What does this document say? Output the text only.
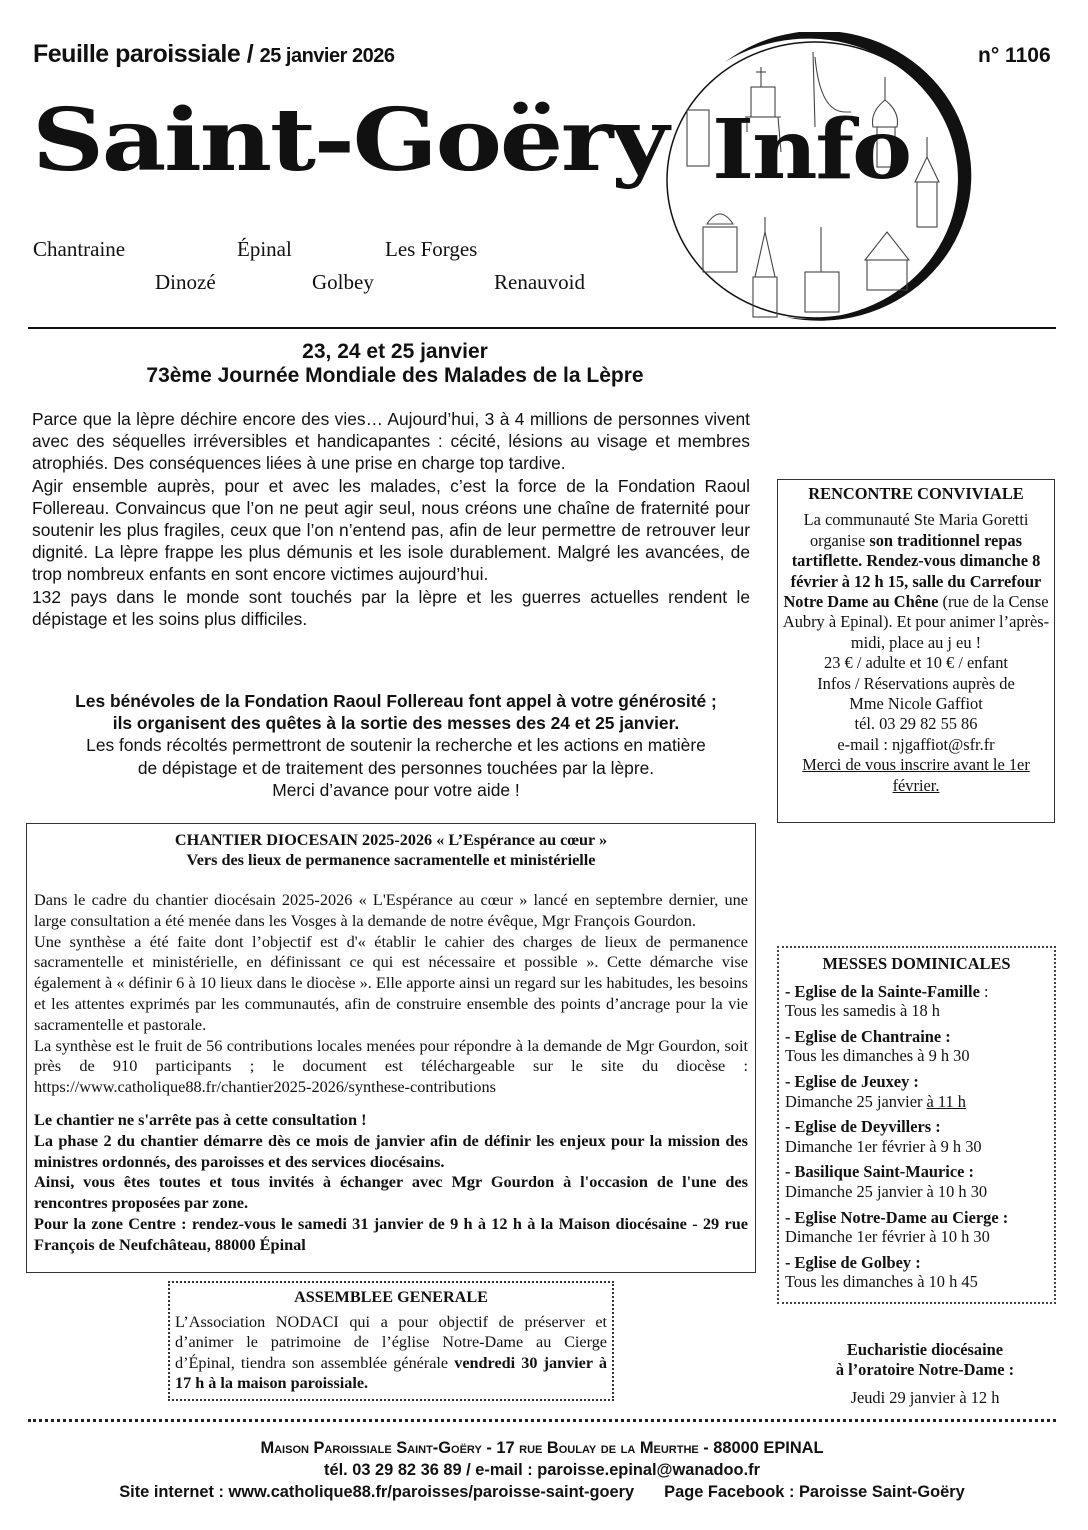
Feuille paroissiale / 25 janvier 2026	n° 1106
Saint-Goëry
Chantraine	Épinal	Les Forges
Dinozé	Golbey	Renauvoid
Info
23, 24 et 25 janvier
73ème Journée Mondiale des Malades de la Lèpre

Parce que la lèpre déchire encore des vies… Aujourd’hui, 3 à 4 millions de personnes vivent avec des séquelles irréversibles et handicapantes : cécité, lésions au visage et membres atrophiés. Des conséquences liées à une prise en charge top tardive.

Agir ensemble auprès, pour et avec les malades, c’est la force de la Fondation Raoul Follereau. Convaincus que l’on ne peut agir seul, nous créons une chaîne de fraternité pour soutenir les plus fragiles, ceux que l’on n’entend pas, afin de leur permettre de retrouver leur dignité. La lèpre frappe les plus démunis et les isole durablement. Malgré les avancées, de trop nombreux enfants en sont encore victimes aujourd’hui.

132 pays dans le monde sont touchés par la lèpre et les guerres actuelles rendent le dépistage et les soins plus difficiles.

Les bénévoles de la Fondation Raoul Follereau font appel à votre générosité ;

ils organisent des quêtes à la sortie des messes des 24 et 25 janvier.

Les fonds récoltés permettront de soutenir la recherche et les actions en matière

de dépistage et de traitement des personnes touchées par la lèpre.

Merci d’avance pour votre aide !

RENCONTRE CONVIVIALE

La communauté Ste Maria Goretti organise son traditionnel repas tartiflette. Rendez-vous dimanche 8 février à 12 h 15, salle du Carrefour Notre Dame au Chêne (rue de la Cense Aubry à Epinal). Et pour animer l’après-midi, place au j eu !

23 € / adulte et 10 € / enfant

Infos / Réservations auprès de

Mme Nicole Gaffiot

tél. 03 29 82 55 86

e-mail : njgaffiot@sfr.fr

Merci de vous inscrire avant le 1er février.

CHANTIER DIOCESAIN 2025-2026 « L’Espérance au cœur »
Vers des lieux de permanence sacramentelle et ministérielle

Dans le cadre du chantier diocésain 2025-2026 « L'Espérance au cœur » lancé en septembre dernier, une large consultation a été menée dans les Vosges à la demande de notre évêque, Mgr François Gourdon.

Une synthèse a été faite dont l’objectif est d'« établir le cahier des charges de lieux de permanence sacramentelle et ministérielle, en définissant ce qui est nécessaire et possible ». Cette démarche vise également à « définir 6 à 10 lieux dans le diocèse ». Elle apporte ainsi un regard sur les habitudes, les besoins et les attentes exprimés par les communautés, afin de construire ensemble des points d’ancrage pour la vie sacramentelle et pastorale.

La synthèse est le fruit de 56 contributions locales menées pour répondre à la demande de Mgr Gourdon, soit près de 910 participants ; le document est téléchargeable sur le site du diocèse : https://www.catholique88.fr/chantier2025-2026/synthese-contributions

Le chantier ne s'arrête pas à cette consultation !

La phase 2 du chantier démarre dès ce mois de janvier afin de définir les enjeux pour la mission des ministres ordonnés, des paroisses et des services diocésains.

Ainsi, vous êtes toutes et tous invités à échanger avec Mgr Gourdon à l'occasion de l'une des rencontres proposées par zone.

Pour la zone Centre : rendez-vous le samedi 31 janvier de 9 h à 12 h à la Maison diocésaine - 29 rue François de Neufchâteau, 88000 Épinal

ASSEMBLEE GENERALE

L’Association NODACI qui a pour objectif de préserver et d’animer le patrimoine de l’église Notre-Dame au Cierge d’Épinal, tiendra son assemblée générale vendredi 30 janvier à 17 h à la maison paroissiale.

MESSES DOMINICALES
- Eglise de la Sainte-Famille :
Tous les samedis à 18 h
- Eglise de Chantraine :
Tous les dimanches à 9 h 30
- Eglise de Jeuxey :
Dimanche 25 janvier à 11 h
- Eglise de Deyvillers :
Dimanche 1er février à 9 h 30
- Basilique Saint-Maurice :
Dimanche 25 janvier à 10 h 30
- Eglise Notre-Dame au Cierge :
Dimanche 1er février à 10 h 30
- Eglise de Golbey :
Tous les dimanches à 10 h 45
Eucharistie diocésaine
à l’oratoire Notre-Dame :
Jeudi 29 janvier à 12 h
Maison Paroissiale Saint-Goëry - 17 rue Boulay de la Meurthe - 88000 EPINAL
tél. 03 29 82 36 89 / e-mail : paroisse.epinal@wanadoo.fr
Site internet : www.catholique88.fr/paroisses/paroisse-saint-goery Page Facebook : Paroisse Saint-Goëry
